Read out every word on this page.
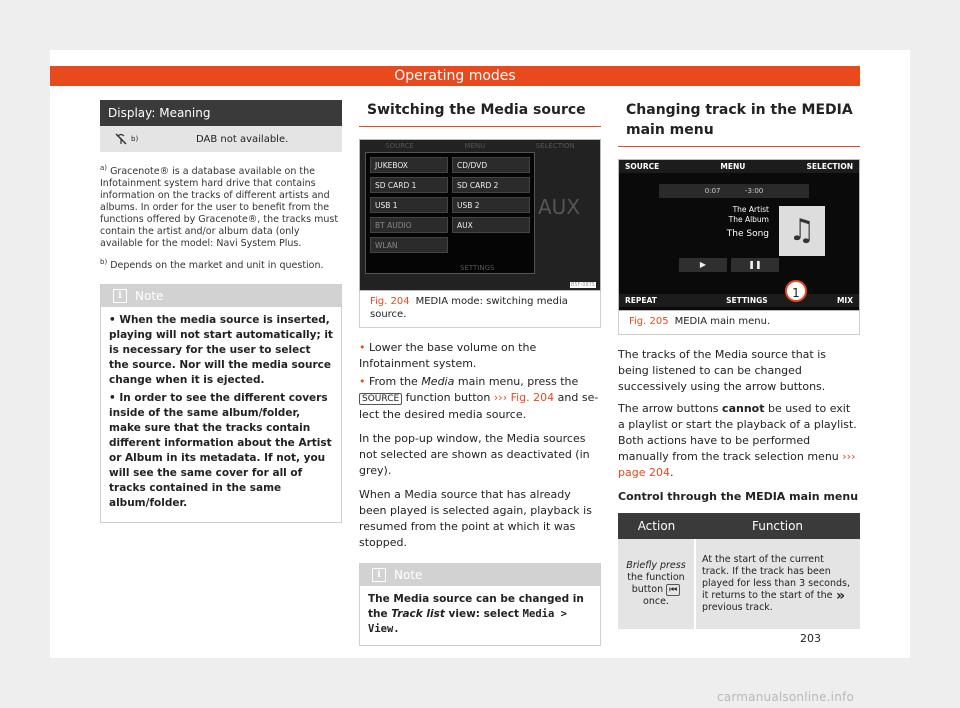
Operating modes
Display: Meaning
b)	DAB not available.

$^{a)}$ Gracenote® is a database available on the Infotainment system hard drive that contains information on the tracks of different artists and albums. In order for the user to benefit from the functions offered by Gracenote®, the tracks must contain the artist and/or album data (only available for the model: Navi System Plus.

$^{b)}$ Depends on the market and unit in question.

i	Note

• When the media source is inserted, playing will not start automatically; it is necessary for the user to select the source. Nor will the media source change when it is ejected.

• In order to see the different covers inside of the same album/folder, make sure that the tracks contain different information about the Artist or Album in its metadata. If not, you will see the same cover for all of tracks contained in the same album/folder.

Switching the Media source
SOURCE	MENU	SELECTION
JUKEBOX	CD/DVD
SD CARD 1	SD CARD 2
USB 1	USB 2
BT AUDIO	AUX
WLAN
AUX
SETTINGS
B5F-0875
Fig. 204 MEDIA mode: switching media source.

• Lower the base volume on the Infotainment system.

• From the Media main menu, press the SOURCE function button ››› Fig. 204 and select the desired media source.

In the pop-up window, the Media sources not selected are shown as deactivated (in grey).

When a Media source that has already been played is selected again, playback is resumed from the point at which it was stopped.

i	Note
The Media source can be changed in the Track list view: select Media > View.
Changing track in the MEDIA main menu
SOURCE	MENU	SELECTION
0:07	-3:00
The Artist
The Album
The Song ♫
▶	❚❚
REPEAT	SETTINGS	MIX
1
Fig. 205 MEDIA main menu.

The tracks of the Media source that is being listened to can be changed successively using the arrow buttons.

The arrow buttons cannot be used to exit a playlist or start the playback of a playlist. Both actions have to be performed manually from the track selection menu ››› page 204.

Control through the MEDIA main menu

Action	Function
Briefly press the function button ⏮ once.	At the start of the current track. If the track has been played for less than 3 seconds, it returns to the start of the previous track.
»
203
carmanualsonline.info
